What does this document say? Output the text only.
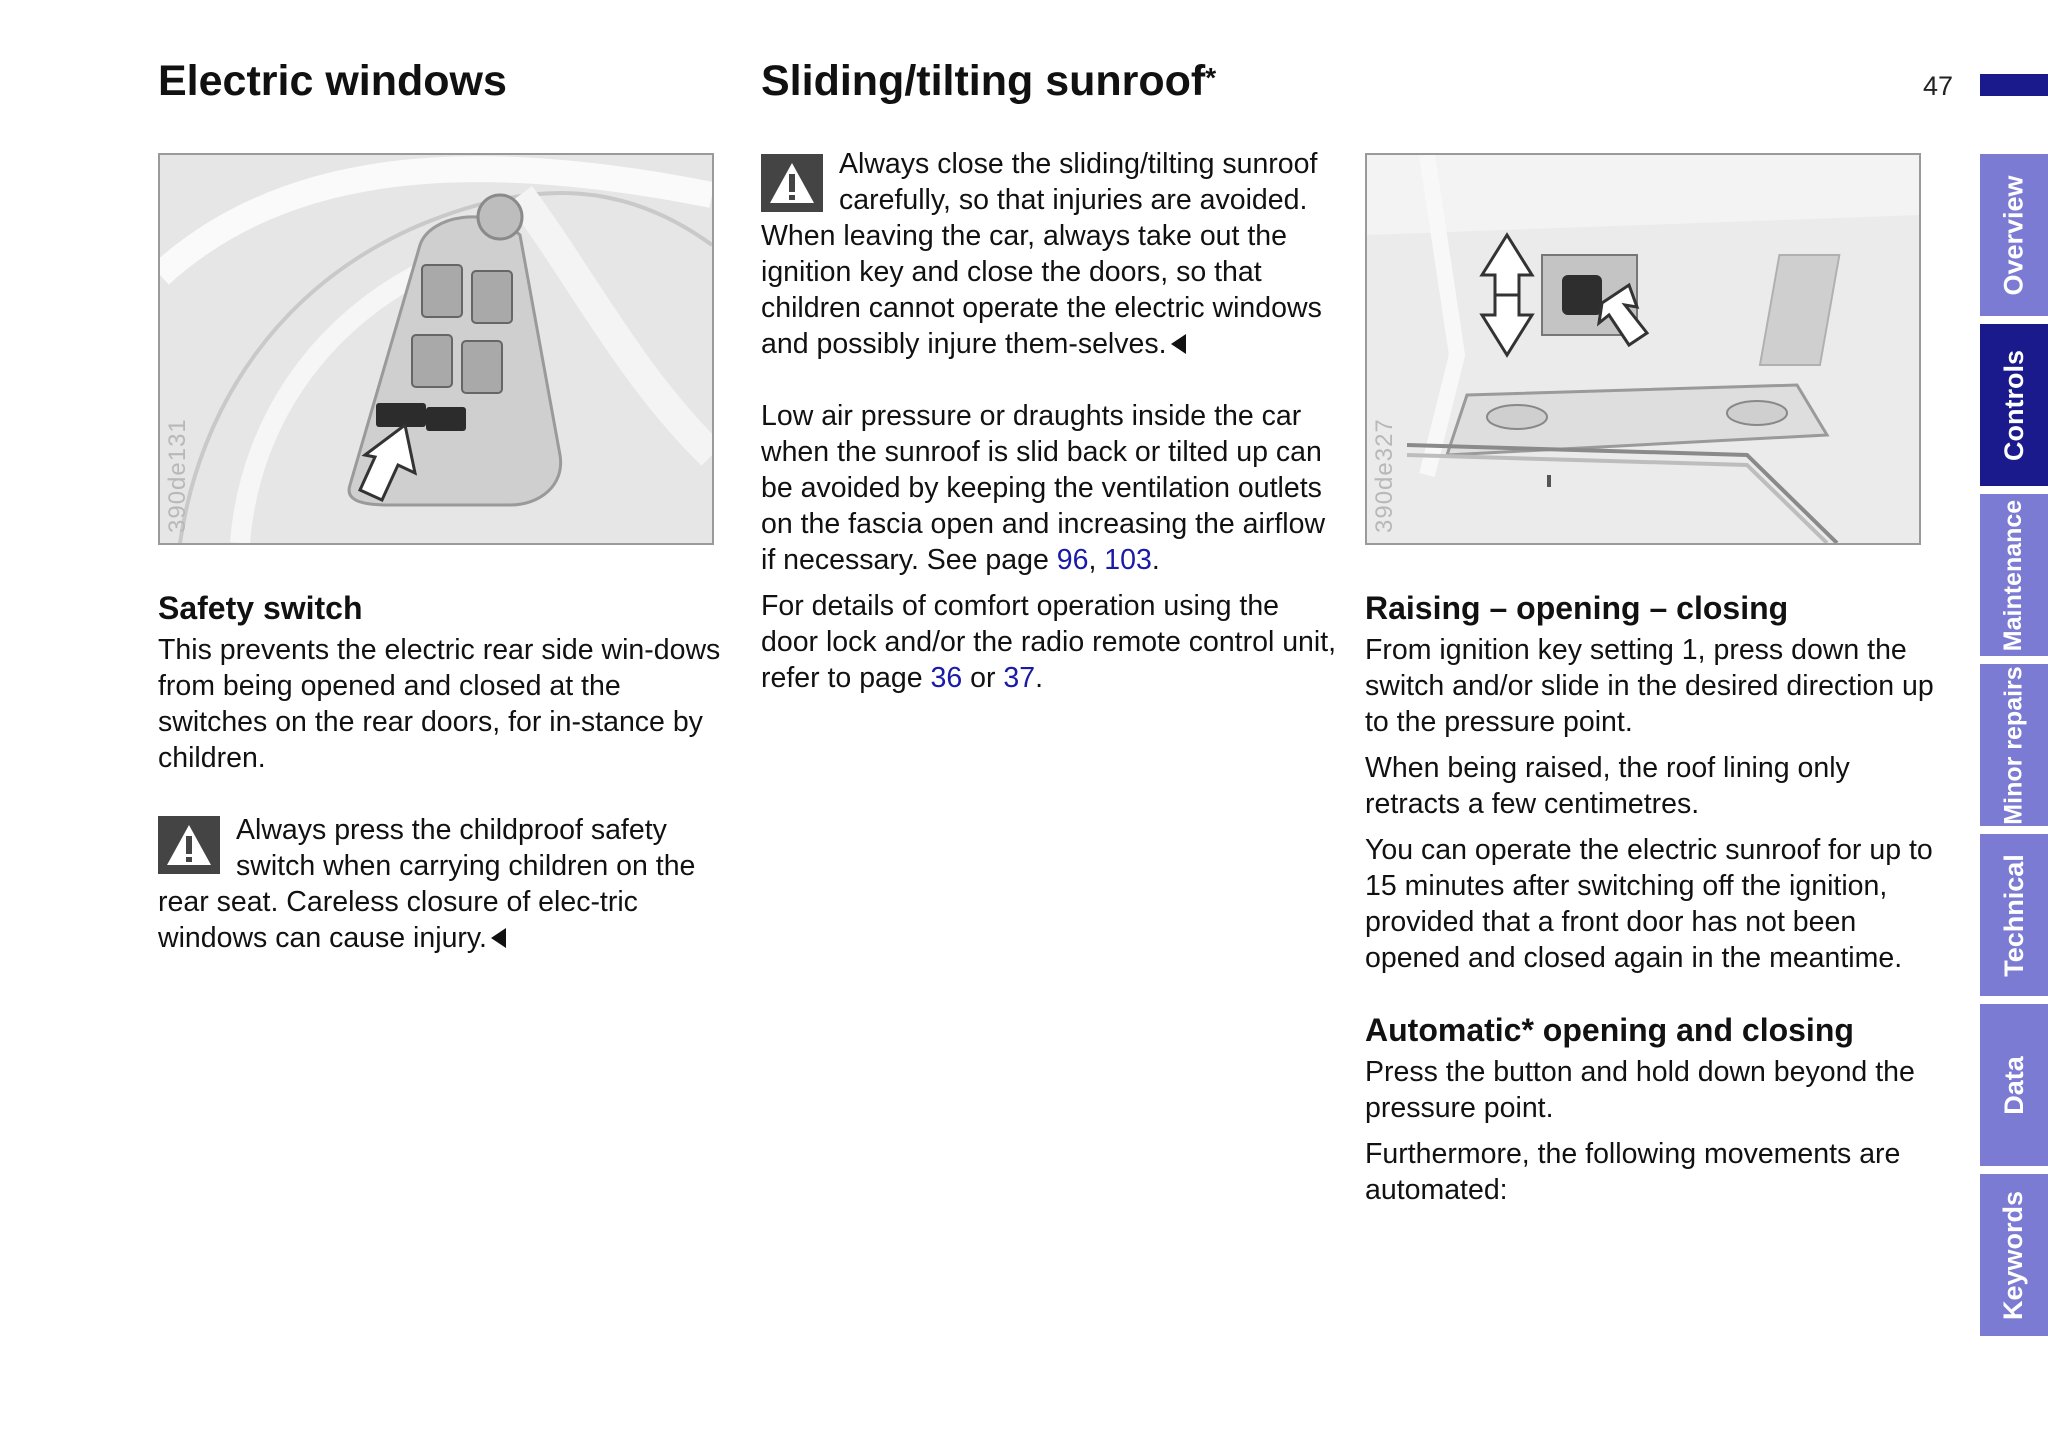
47
Electric windows
390de131
Safety switch

This prevents the electric rear side win-dows from being opened and closed at the switches on the rear doors, for in-stance by children.

Always press the childproof safety switch when carrying children on the rear seat. Careless closure of elec-tric windows can cause injury.
Sliding/tilting sunroof*
Always close the sliding/tilting sunroof carefully, so that injuries are avoided.
When leaving the car, always take out the ignition key and close the doors, so that children cannot operate the electric windows and possibly injure them-selves.

Low air pressure or draughts inside the car when the sunroof is slid back or tilted up can be avoided by keeping the ventilation outlets on the fascia open and increasing the airflow if necessary. See page 96, 103.

For details of comfort operation using the door lock and/or the radio remote control unit, refer to page 36 or 37.

390de327
Raising – opening – closing

From ignition key setting 1, press down the switch and/or slide in the desired direction up to the pressure point.

When being raised, the roof lining only retracts a few centimetres.

You can operate the electric sunroof for up to 15 minutes after switching off the ignition, provided that a front door has not been opened and closed again in the meantime.

Automatic* opening and closing

Press the button and hold down beyond the pressure point.

Furthermore, the following movements are automated:

Overview
Controls
Maintenance
Minor repairs
Technical
Data
Keywords
